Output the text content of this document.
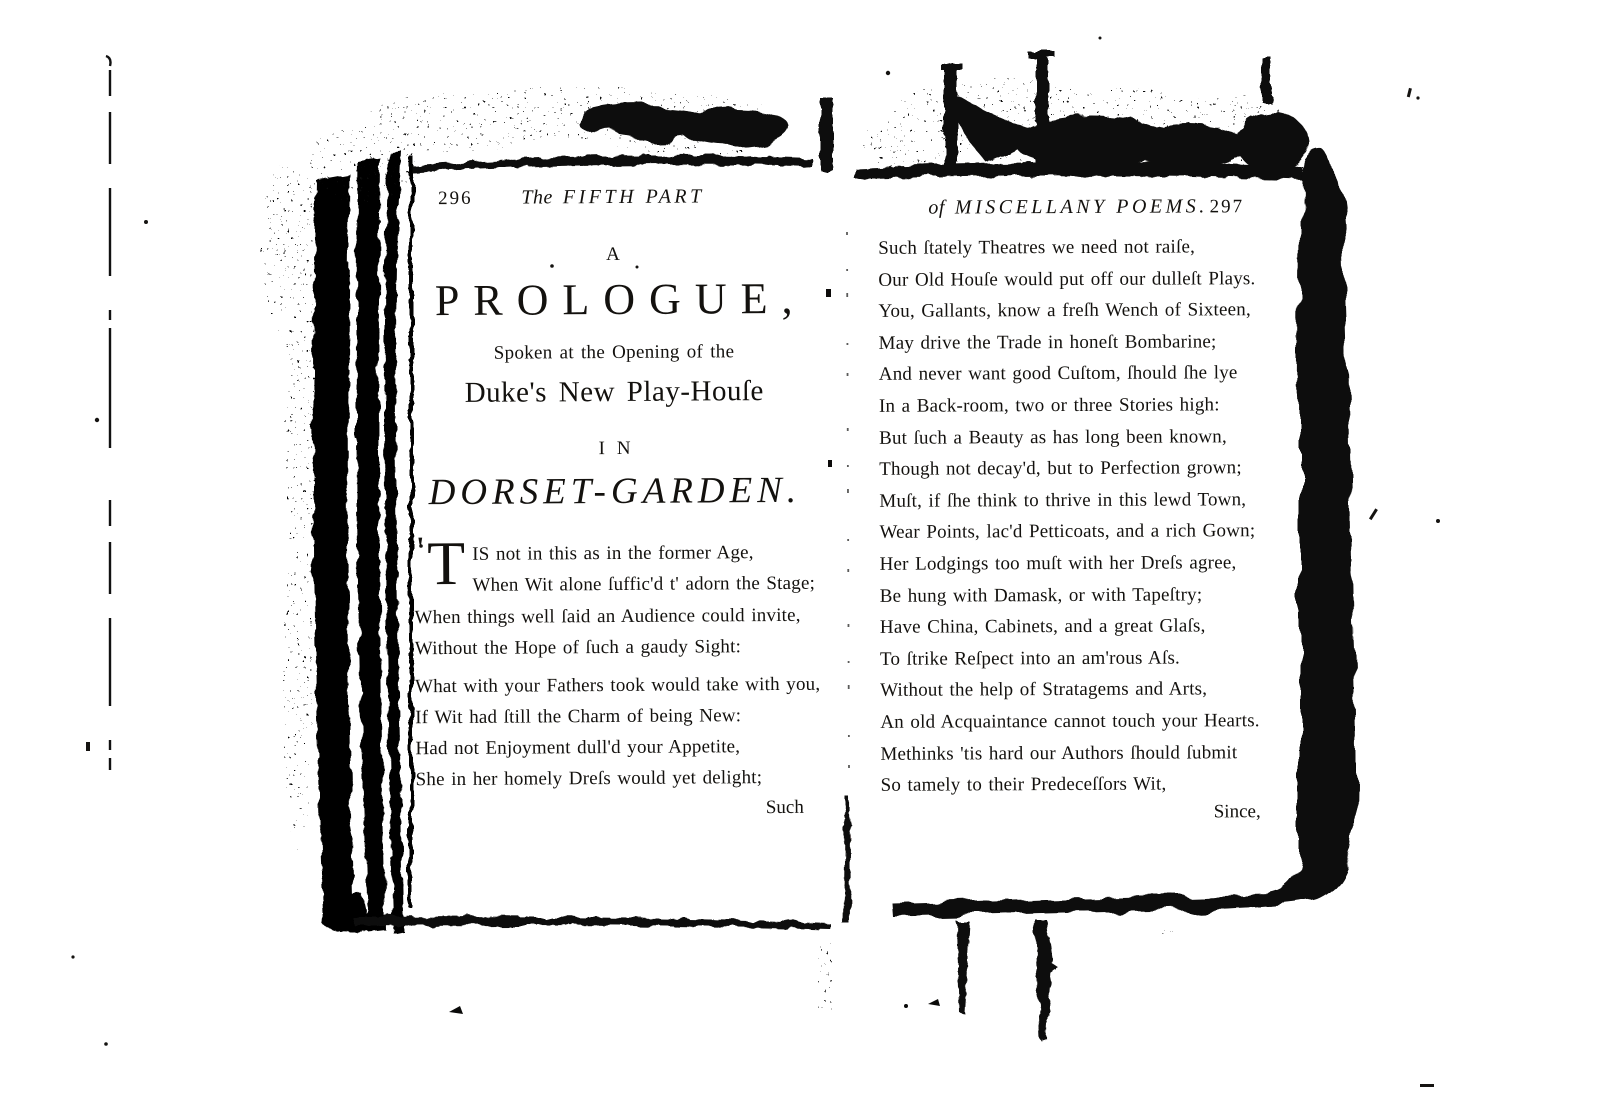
296 The FIFTH PART
A
PROLOGUE,
Spoken at the Opening of the
Duke's New Play-Houſe
IN
DORSET-GARDEN.
' T IS not in this as in the former Age,
When Wit alone ſuffic'd t' adorn the Stage;
When things well ſaid an Audience could invite,
Without the Hope of ſuch a gaudy Sight:
What with your Fathers took would take with you,
If Wit had ſtill the Charm of being New:
Had not Enjoyment dull'd your Appetite,
She in her homely Dreſs would yet delight;
Such
of MISCELLANY POEMS. 297
Such ſtately Theatres we need not raiſe,
Our Old Houſe would put off our dulleſt Plays.
You, Gallants, know a freſh Wench of Sixteen,
May drive the Trade in honeſt Bombarine;
And never want good Cuſtom, ſhould ſhe lye
In a Back-room, two or three Stories high:
But ſuch a Beauty as has long been known,
Though not decay'd, but to Perfection grown;
Muſt, if ſhe think to thrive in this lewd Town,
Wear Points, lac'd Petticoats, and a rich Gown;
Her Lodgings too muſt with her Dreſs agree,
Be hung with Damask, or with Tapeſtry;
Have China, Cabinets, and a great Glaſs,
To ſtrike Reſpect into an am'rous Aſs.
Without the help of Stratagems and Arts,
An old Acquaintance cannot touch your Hearts.
Methinks 'tis hard our Authors ſhould ſubmit
So tamely to their Predeceſſors Wit,
Since,
